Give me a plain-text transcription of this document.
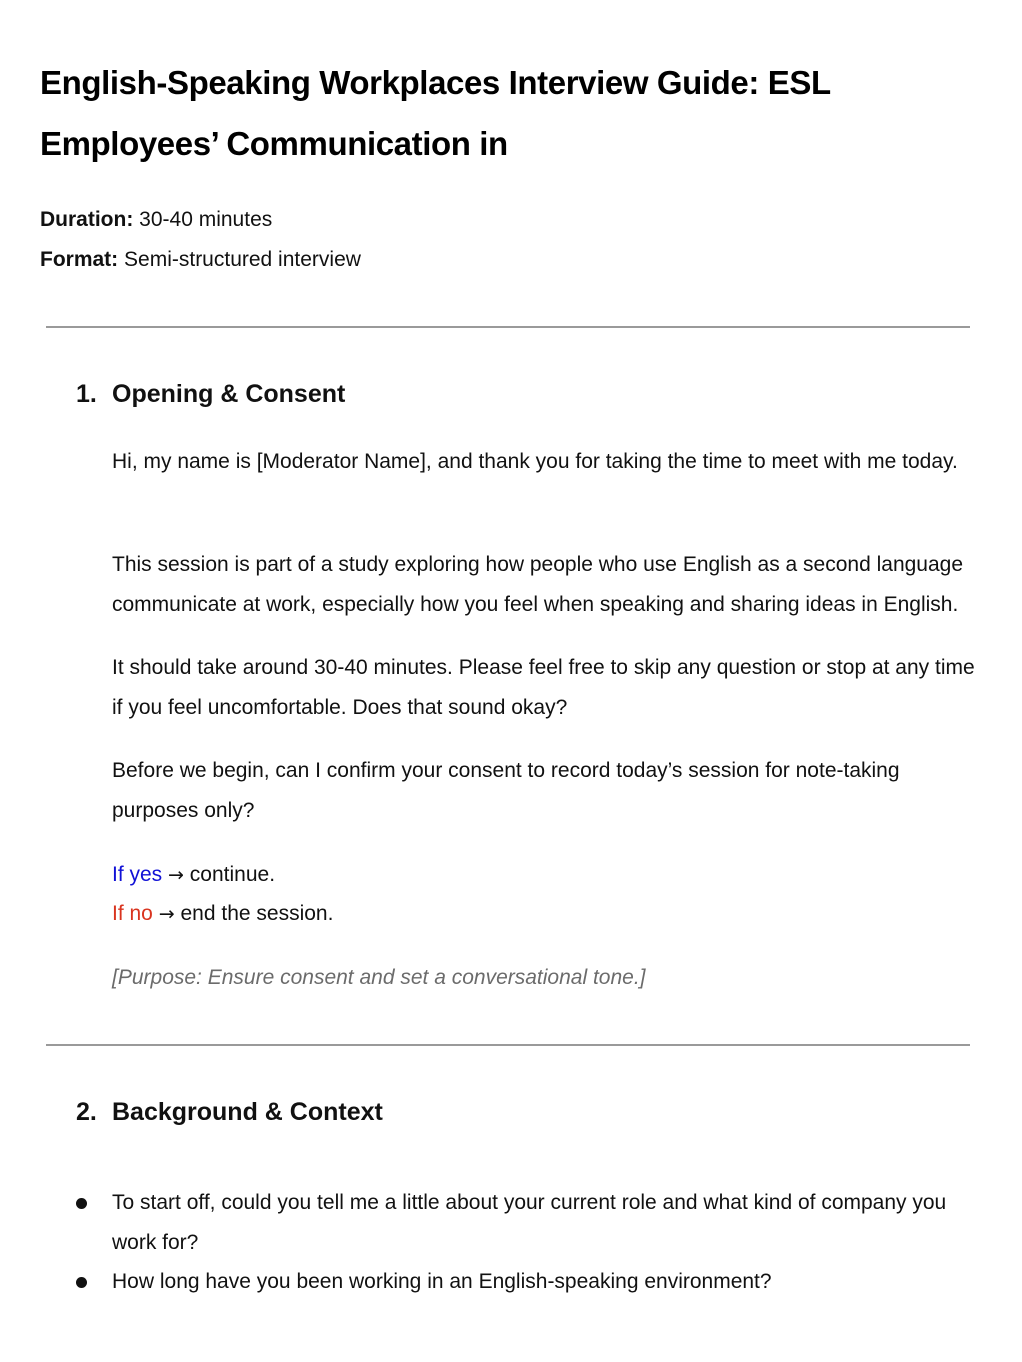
English-Speaking Workplaces Interview Guide: ESL Employees’ Communication in
Duration: 30-40 minutes
Format: Semi-structured interview
1. Opening & Consent

Hi, my name is [Moderator Name], and thank you for taking the time to meet with me today.

This session is part of a study exploring how people who use English as a second language communicate at work, especially how you feel when speaking and sharing ideas in English.

It should take around 30-40 minutes. Please feel free to skip any question or stop at any time if you feel uncomfortable. Does that sound okay?

Before we begin, can I confirm your consent to record today’s session for note-taking purposes only?

If yes → continue.
If no → end the session.

[Purpose: Ensure consent and set a conversational tone.]

2. Background & Context

To start off, could you tell me a little about your current role and what kind of company you work for?

How long have you been working in an English-speaking environment?
